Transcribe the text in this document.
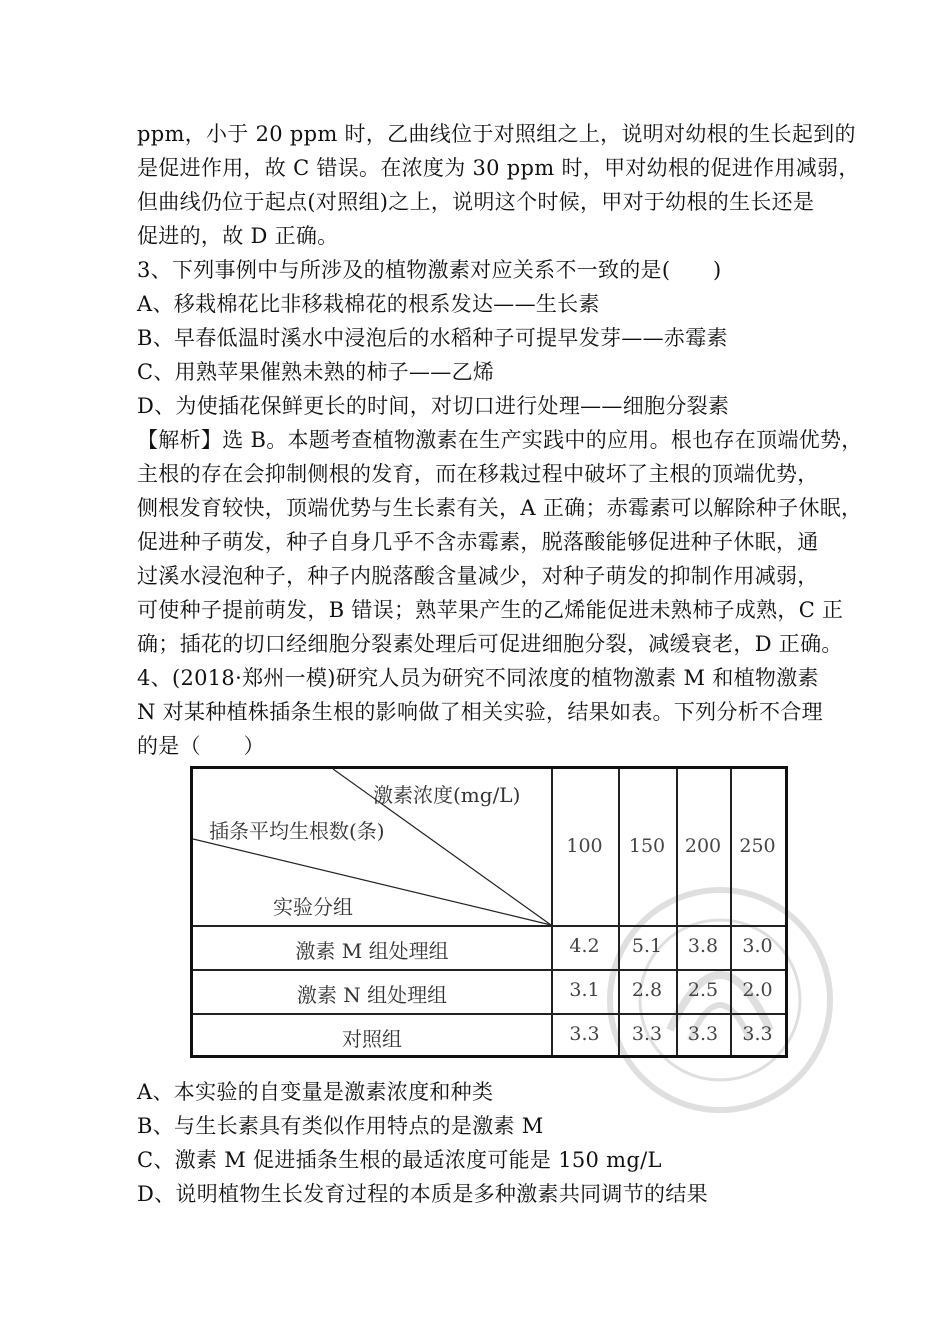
ppm，小于 20 ppm 时，乙曲线位于对照组之上，说明对幼根的生长起到的
是促进作用，故 C 错误。在浓度为 30 ppm 时，甲对幼根的促进作用减弱，
但曲线仍位于起点(对照组)之上，说明这个时候，甲对于幼根的生长还是
促进的，故 D 正确。
3、下列事例中与所涉及的植物激素对应关系不一致的是(　　)
A、移栽棉花比非移栽棉花的根系发达——生长素
B、早春低温时溪水中浸泡后的水稻种子可提早发芽——赤霉素
C、用熟苹果催熟未熟的柿子——乙烯
D、为使插花保鲜更长的时间，对切口进行处理——细胞分裂素
【解析】选 B。本题考查植物激素在生产实践中的应用。根也存在顶端优势，
主根的存在会抑制侧根的发育，而在移栽过程中破坏了主根的顶端优势，
侧根发育较快，顶端优势与生长素有关，A 正确；赤霉素可以解除种子休眠，
促进种子萌发，种子自身几乎不含赤霉素，脱落酸能够促进种子休眠，通
过溪水浸泡种子，种子内脱落酸含量减少，对种子萌发的抑制作用减弱，
可使种子提前萌发，B 错误；熟苹果产生的乙烯能促进未熟柿子成熟，C 正
确；插花的切口经细胞分裂素处理后可促进细胞分裂，减缓衰老，D 正确。
4、(2018·郑州一模)研究人员为研究不同浓度的植物激素 M 和植物激素
N 对某种植株插条生根的影响做了相关实验，结果如表。下列分析不合理
的是（　　）
激素浓度(mg/L)
插条平均生根数(条)
实验分组
100	150	200 250
激素 M 组处理组	4.2	5.1	3.8	3.0
激素 N 组处理组	3.1	2.8	2.5	2.0
对照组	3.3	3.3	3.3	3.3
A、本实验的自变量是激素浓度和种类
B、与生长素具有类似作用特点的是激素 M
C、激素 M 促进插条生根的最适浓度可能是 150 mg/L
D、说明植物生长发育过程的本质是多种激素共同调节的结果
